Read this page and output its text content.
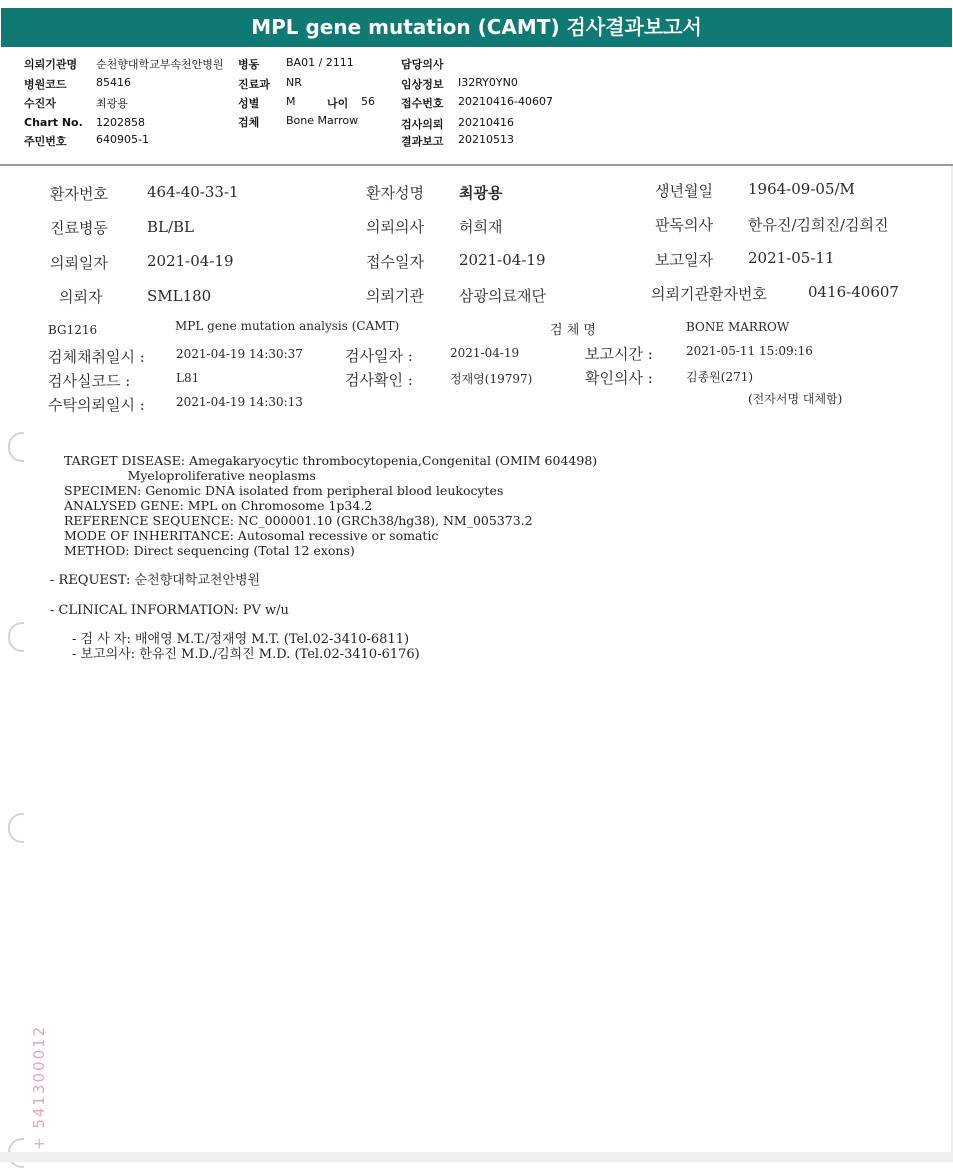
MPL gene mutation (CAMT) 검사결과보고서
의뢰기관명 순천향대학교부속천안병원
병원코드	85416
수진자	최광용
Chart No. 1202858
주민번호	640905-1
병동 BA01 / 2111
진료과 NR
성별 M	나이 56
검체 Bone Marrow
담당의사
임상정보 I32RY0YN0
접수번호 20210416-40607
검사의뢰 20210416
결과보고 20210513
환자번호	464-40-33-1	환자성명 최광용	생년월일 1964-09-05/M
진료병동	BL/BL	의뢰의사 허희재	판독의사 한유진/김희진/김희진
의뢰일자	2021-04-19	접수일자 2021-04-19	보고일자 2021-05-11
의뢰자	SML180	의뢰기관 삼광의료재단	의뢰기관환자번호	0416-40607
BG1216	MPL gene mutation analysis (CAMT)	검 체 명	BONE MARROW
검체채취일시 :	2021-04-19 14:30:37	검사일자 :	2021-04-19	보고시간 :	2021-05-11 15:09:16
검사실코드 :	L81	검사확인 :	정재영(19797)	확인의사 :	김종원(271)
수탁의뢰일시 :	2021-04-19 14:30:13	(전자서명 대체함)
TARGET DISEASE: Amegakaryocytic thrombocytopenia,Congenital (OMIM 604498)
Myeloproliferative neoplasms
SPECIMEN: Genomic DNA isolated from peripheral blood leukocytes
ANALYSED GENE: MPL on Chromosome 1p34.2
REFERENCE SEQUENCE: NC_000001.10 (GRCh38/hg38), NM_005373.2
MODE OF INHERITANCE: Autosomal recessive or somatic
METHOD: Direct sequencing (Total 12 exons)
- REQUEST: 순천향대학교천안병원
- CLINICAL INFORMATION: PV w/u
- 검 사 자: 배애영 M.T./정재영 M.T. (Tel.02-3410-6811)
- 보고의사: 한유진 M.D./김희진 M.D. (Tel.02-3410-6176)
+ 541300012
